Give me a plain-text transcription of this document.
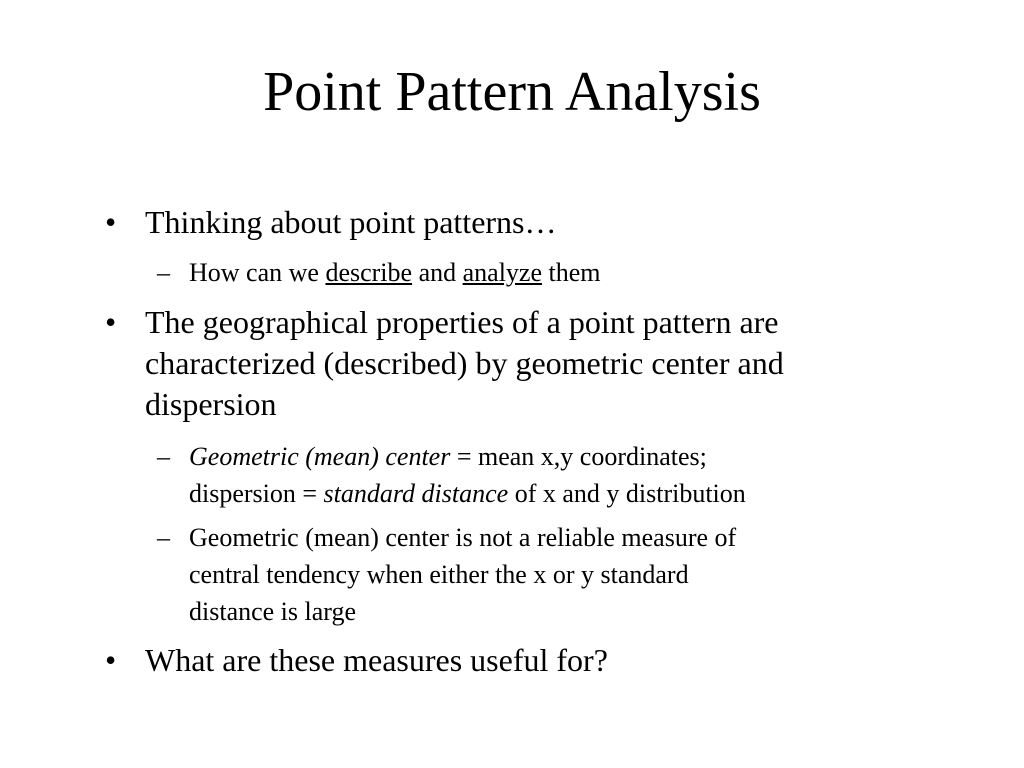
Point Pattern Analysis
• Thinking about point patterns…
– How can we describe and analyze them
• The geographical properties of a point pattern are
characterized (described) by geometric center and
dispersion
– Geometric (mean) center = mean x,y coordinates;
dispersion = standard distance of x and y distribution
– Geometric (mean) center is not a reliable measure of
central tendency when either the x or y standard
distance is large
• What are these measures useful for?
